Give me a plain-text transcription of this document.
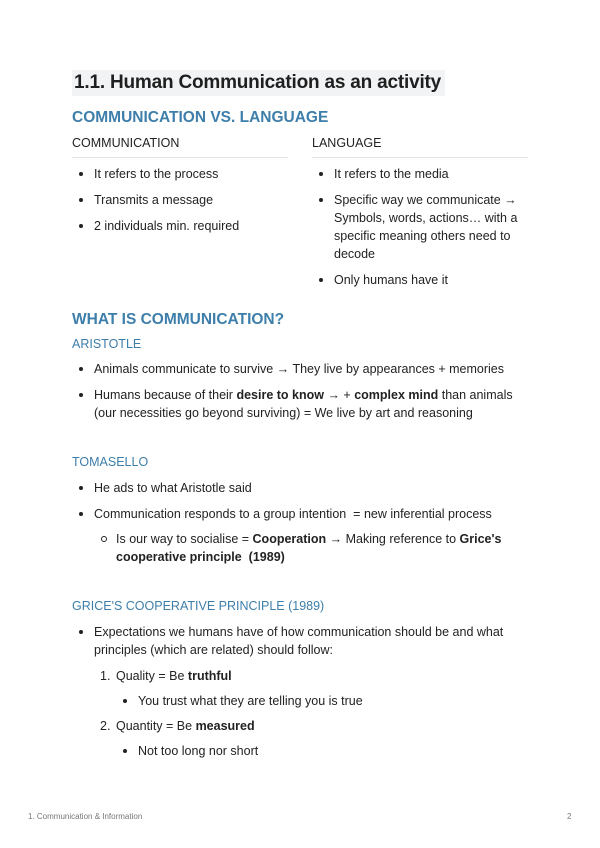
1.1. Human Communication as an activity
COMMUNICATION VS. LANGUAGE
COMMUNICATION
It refers to the process
Transmits a message
2 individuals min. required
LANGUAGE
It refers to the media
Specific way we communicate →
Symbols, words, actions… with a
specific meaning others need to
decode
Only humans have it
WHAT IS COMMUNICATION?
ARISTOTLE
Animals communicate to survive → They live by appearances + memories
Humans because of their desire to know → + complex mind than animals
(our necessities go beyond surviving) = We live by art and reasoning
TOMASELLO
He ads to what Aristotle said
Communication responds to a group intention  = new inferential process
Is our way to socialise = Cooperation → Making reference to Grice's
cooperative principle  (1989)
GRICE'S COOPERATIVE PRINCIPLE (1989)
Expectations we humans have of how communication should be and what
principles (which are related) should follow:
1. Quality = Be truthful
You trust what they are telling you is true
2. Quantity = Be measured
Not too long nor short
1. Communication & Information	2
